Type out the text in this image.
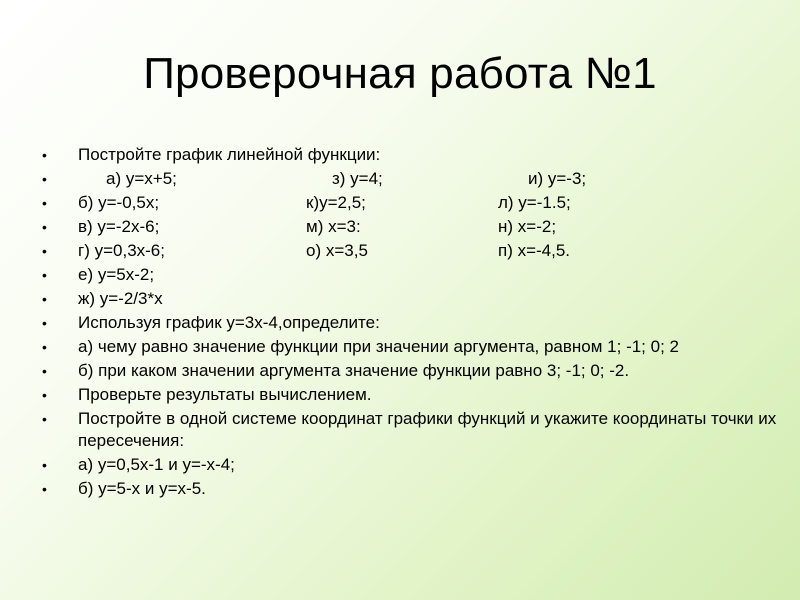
Проверочная работа №1
•	Постройте график линейной функции:
•	а) y=x+5;	з) y=4;	и) y=-3;
•	б) y=-0,5x;	к)y=2,5;	л) y=-1.5;
•	в) y=-2x-6;	м) x=3:	н) x=-2;
•	г) y=0,3x-6;	о) x=3,5	п) x=-4,5.
•	е) y=5x-2;
•	ж) y=-2/3*x
•	Используя график y=3x-4,определите:
•	а) чему равно значение функции при значении аргумента, равном 1; -1; 0; 2
•	б) при каком значении аргумента значение функции равно 3; -1; 0; -2.
•	Проверьте результаты вычислением.
•	Постройте в одной системе координат графики функций и укажите координаты точки их пересечения:
•	а) y=0,5x-1 и y=-x-4;
•	б) y=5-x и y=x-5.
